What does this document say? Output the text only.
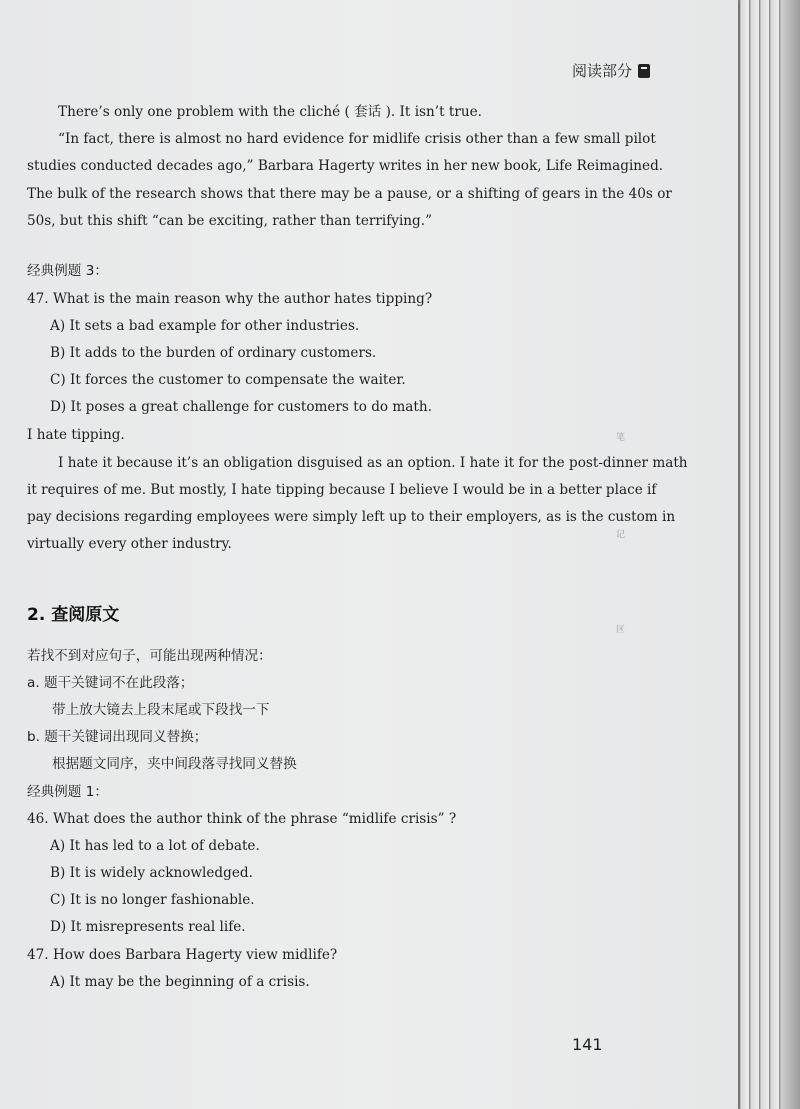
阅读部分
There’s only one problem with the cliché ( 套话 ). It isn’t true.
“In fact, there is almost no hard evidence for midlife crisis other than a few small pilot
studies conducted decades ago,” Barbara Hagerty writes in her new book, Life Reimagined.
The bulk of the research shows that there may be a pause, or a shifting of gears in the 40s or
50s, but this shift “can be exciting, rather than terrifying.”
经典例题 3：
47. What is the main reason why the author hates tipping?
A) It sets a bad example for other industries.
B) It adds to the burden of ordinary customers.
C) It forces the customer to compensate the waiter.
D) It poses a great challenge for customers to do math.
I hate tipping.
I hate it because it’s an obligation disguised as an option. I hate it for the post-dinner math
it requires of me. But mostly, I hate tipping because I believe I would be in a better place if
pay decisions regarding employees were simply left up to their employers, as is the custom in
virtually every other industry.
2. 查阅原文
若找不到对应句子，可能出现两种情况：
a. 题干关键词不在此段落；
带上放大镜去上段末尾或下段找一下
b. 题干关键词出现同义替换；
根据题文同序，夹中间段落寻找同义替换
经典例题 1：
46. What does the author think of the phrase “midlife crisis” ?
A) It has led to a lot of debate.
B) It is widely acknowledged.
C) It is no longer fashionable.
D) It misrepresents real life.
47. How does Barbara Hagerty view midlife?
A) It may be the beginning of a crisis.
笔
记
区
141
